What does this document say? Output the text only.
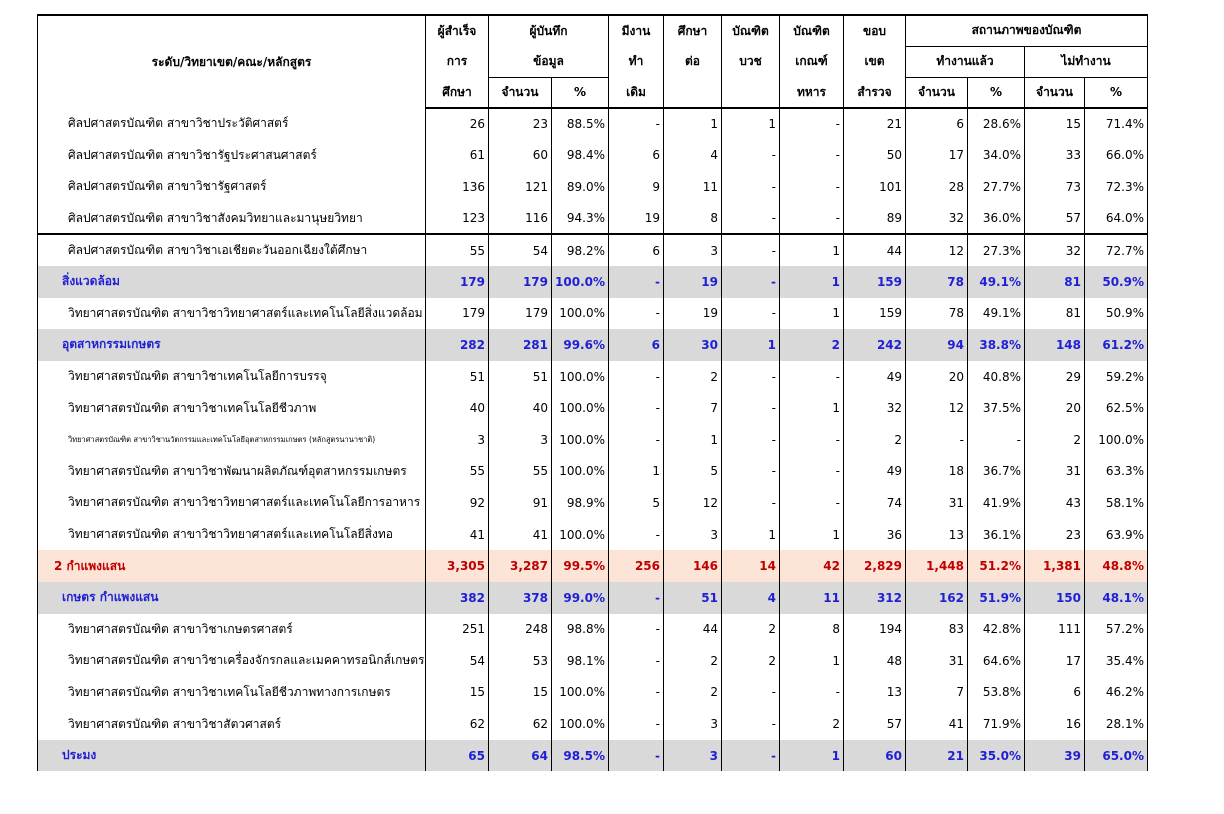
ระดับ/วิทยาเขต/คณะ/หลักสูตร	ผู้สำเร็จ	ผู้บันทึก		มีงาน	ศึกษา	บัณฑิต	บัณฑิต	ขอบ	สถานภาพของบัณฑิต			
	การ	ข้อมูล		ทำ	ต่อ	บวช	เกณฑ์	เขต	ทำงานแล้ว		ไม่ทำงาน	
	ศึกษา	จำนวน	%	เดิม			ทหาร	สำรวจ	จำนวน	%	จำนวน	%
ศิลปศาสตรบัณฑิต สาขาวิชาประวัติศาสตร์	26	23	88.5%	-	1	1	-	21	6	28.6%	15	71.4%
ศิลปศาสตรบัณฑิต สาขาวิชารัฐประศาสนศาสตร์	61	60	98.4%	6	4	-	-	50	17	34.0%	33	66.0%
ศิลปศาสตรบัณฑิต สาขาวิชารัฐศาสตร์	136	121	89.0%	9	11	-	-	101	28	27.7%	73	72.3%
ศิลปศาสตรบัณฑิต สาขาวิชาสังคมวิทยาและมานุษยวิทยา	123	116	94.3%	19	8	-	-	89	32	36.0%	57	64.0%
ศิลปศาสตรบัณฑิต สาขาวิชาเอเชียตะวันออกเฉียงใต้ศึกษา	55	54	98.2%	6	3	-	1	44	12	27.3%	32	72.7%
สิ่งแวดล้อม	179	179	100.0%	-	19	-	1	159	78	49.1%	81	50.9%
วิทยาศาสตรบัณฑิต สาขาวิชาวิทยาศาสตร์และเทคโนโลยีสิ่งแวดล้อม	179	179	100.0%	-	19	-	1	159	78	49.1%	81	50.9%
อุตสาหกรรมเกษตร	282	281	99.6%	6	30	1	2	242	94	38.8%	148	61.2%
วิทยาศาสตรบัณฑิต สาขาวิชาเทคโนโลยีการบรรจุ	51	51	100.0%	-	2	-	-	49	20	40.8%	29	59.2%
วิทยาศาสตรบัณฑิต สาขาวิชาเทคโนโลยีชีวภาพ	40	40	100.0%	-	7	-	1	32	12	37.5%	20	62.5%
วิทยาศาสตรบัณฑิต สาขาวิชานวัตกรรมและเทคโนโลยีอุตสาหกรรมเกษตร (หลักสูตรนานาชาติ)	3	3	100.0%	-	1	-	-	2	-	-	2	100.0%
วิทยาศาสตรบัณฑิต สาขาวิชาพัฒนาผลิตภัณฑ์อุตสาหกรรมเกษตร	55	55	100.0%	1	5	-	-	49	18	36.7%	31	63.3%
วิทยาศาสตรบัณฑิต สาขาวิชาวิทยาศาสตร์และเทคโนโลยีการอาหาร	92	91	98.9%	5	12	-	-	74	31	41.9%	43	58.1%
วิทยาศาสตรบัณฑิต สาขาวิชาวิทยาศาสตร์และเทคโนโลยีสิ่งทอ	41	41	100.0%	-	3	1	1	36	13	36.1%	23	63.9%
2 กำแพงแสน	3,305	3,287	99.5%	256	146	14	42	2,829	1,448	51.2%	1,381	48.8%
เกษตร กำแพงแสน	382	378	99.0%	-	51	4	11	312	162	51.9%	150	48.1%
วิทยาศาสตรบัณฑิต สาขาวิชาเกษตรศาสตร์	251	248	98.8%	-	44	2	8	194	83	42.8%	111	57.2%
วิทยาศาสตรบัณฑิต สาขาวิชาเครื่องจักรกลและเมคคาทรอนิกส์เกษตร	54	53	98.1%	-	2	2	1	48	31	64.6%	17	35.4%
วิทยาศาสตรบัณฑิต สาขาวิชาเทคโนโลยีชีวภาพทางการเกษตร	15	15	100.0%	-	2	-	-	13	7	53.8%	6	46.2%
วิทยาศาสตรบัณฑิต สาขาวิชาสัตวศาสตร์	62	62	100.0%	-	3	-	2	57	41	71.9%	16	28.1%
ประมง	65	64	98.5%	-	3	-	1	60	21	35.0%	39	65.0%
